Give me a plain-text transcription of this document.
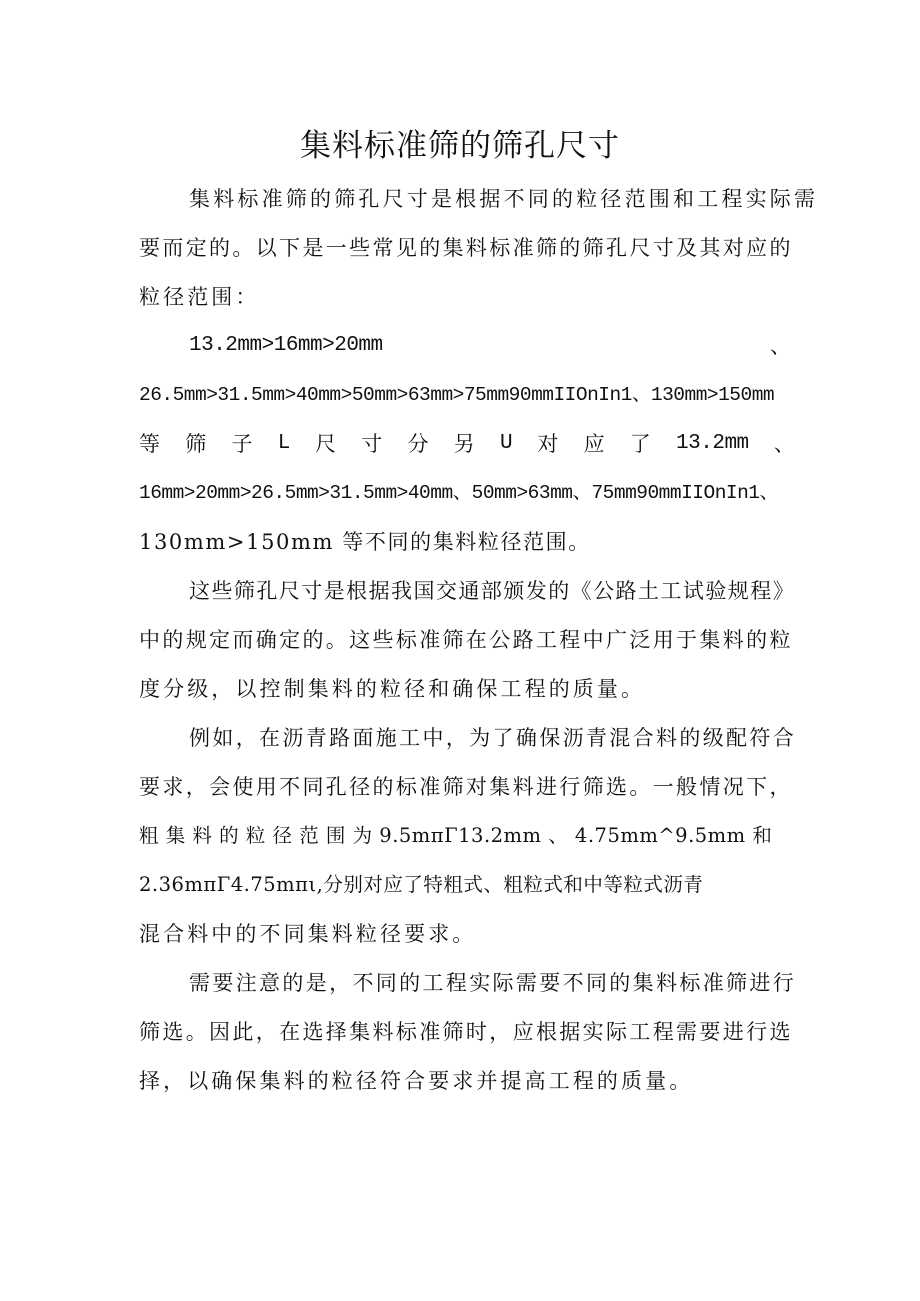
集料标准筛的筛孔尺寸
集料标准筛的筛孔尺寸是根据不同的粒径范围和工程实际需
要而定的。以下是一些常见的集料标准筛的筛孔尺寸及其对应的
粒径范围：
13.2mm>16mm>20mm	、
26.5mm>31.5mm>40mm>50mm>63mm>75mm90mmIIOnIn1、130mm>150mm
等 筛 子 L 尺 寸 分 另 U 对 应 了 13.2mm 、
16mm>20mm>26.5mm>31.5mm>40mm、50mm>63mm、75mm90mmIIOnIn1、
130mm>150mm 等不同的集料粒径范围。
这些筛孔尺寸是根据我国交通部颁发的《公路土工试验规程》
中的规定而确定的。这些标准筛在公路工程中广泛用于集料的粒
度分级，以控制集料的粒径和确保工程的质量。
例如，在沥青路面施工中，为了确保沥青混合料的级配符合
要求，会使用不同孔径的标准筛对集料进行筛选。一般情况下，
粗 集 料 的 粒 径 范 围 为 9.5mπΓ13.2mm 、 4.75mm^9.5mm 和
2.36mπΓ4.75mπι,分别对应了特粗式、粗粒式和中等粒式沥青
混合料中的不同集料粒径要求。
需要注意的是，不同的工程实际需要不同的集料标准筛进行
筛选。因此，在选择集料标准筛时，应根据实际工程需要进行选
择，以确保集料的粒径符合要求并提高工程的质量。
